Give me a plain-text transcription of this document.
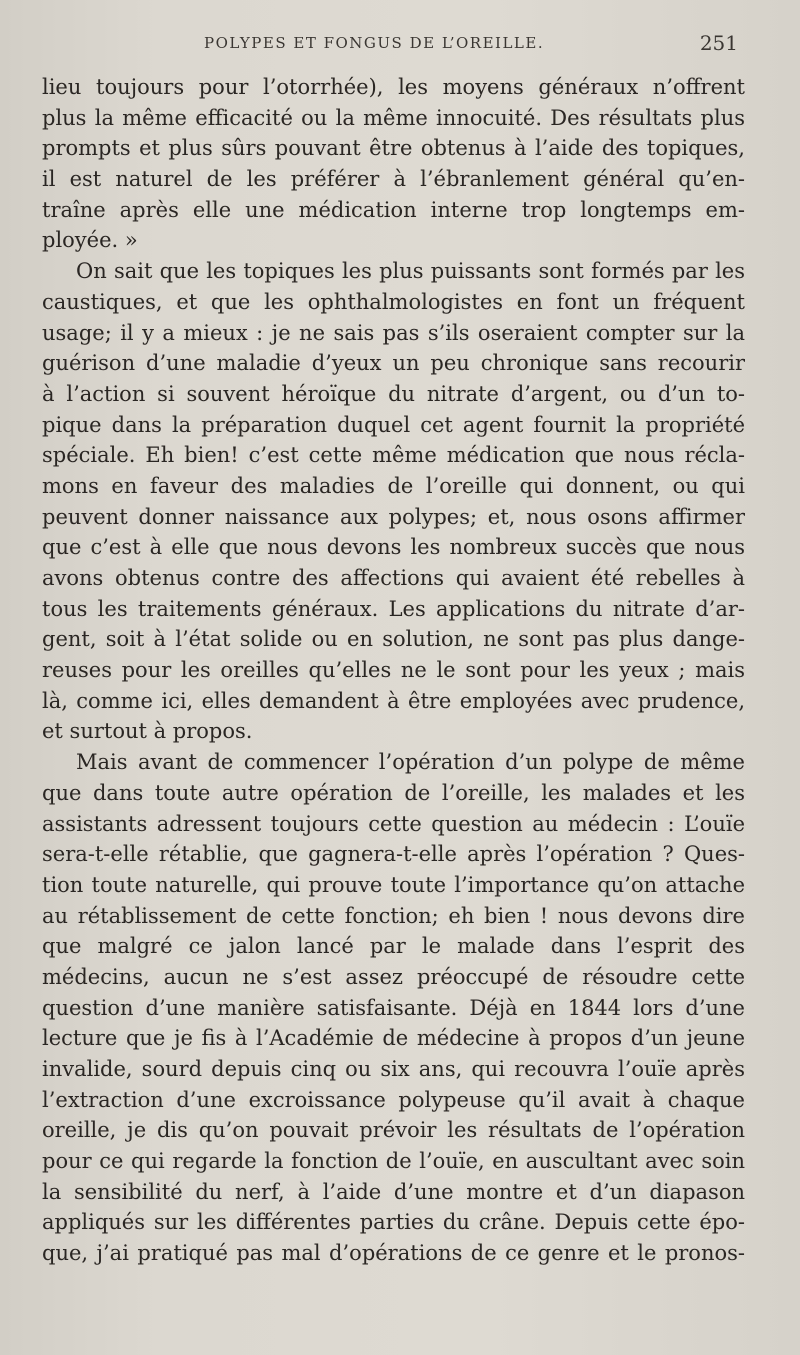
POLYPES ET FONGUS DE L’OREILLE.	251
lieu toujours pour l’otorrhée), les moyens généraux n’offrent
plus la même efficacité ou la même innocuité. Des résultats plus
prompts et plus sûrs pouvant être obtenus à l’aide des topiques,
il est naturel de les préférer à l’ébranlement général qu’en-
traîne après elle une médication interne trop longtemps em-
ployée. »
On sait que les topiques les plus puissants sont formés par les
caustiques, et que les ophthalmologistes en font un fréquent
usage; il y a mieux : je ne sais pas s’ils oseraient compter sur la
guérison d’une maladie d’yeux un peu chronique sans recourir
à l’action si souvent héroïque du nitrate d’argent, ou d’un to-
pique dans la préparation duquel cet agent fournit la propriété
spéciale. Eh bien! c’est cette même médication que nous récla-
mons en faveur des maladies de l’oreille qui donnent, ou qui
peuvent donner naissance aux polypes; et, nous osons affirmer
que c’est à elle que nous devons les nombreux succès que nous
avons obtenus contre des affections qui avaient été rebelles à
tous les traitements généraux. Les applications du nitrate d’ar-
gent, soit à l’état solide ou en solution, ne sont pas plus dange-
reuses pour les oreilles qu’elles ne le sont pour les yeux ; mais
là, comme ici, elles demandent à être employées avec prudence,
et surtout à propos.
Mais avant de commencer l’opération d’un polype de même
que dans toute autre opération de l’oreille, les malades et les
assistants adressent toujours cette question au médecin : L’ouïe
sera-t-elle rétablie, que gagnera-t-elle après l’opération ? Ques-
tion toute naturelle, qui prouve toute l’importance qu’on attache
au rétablissement de cette fonction; eh bien ! nous devons dire
que malgré ce jalon lancé par le malade dans l’esprit des
médecins, aucun ne s’est assez préoccupé de résoudre cette
question d’une manière satisfaisante. Déjà en 1844 lors d’une
lecture que je fis à l’Académie de médecine à propos d’un jeune
invalide, sourd depuis cinq ou six ans, qui recouvra l’ouïe après
l’extraction d’une excroissance polypeuse qu’il avait à chaque
oreille, je dis qu’on pouvait prévoir les résultats de l’opération
pour ce qui regarde la fonction de l’ouïe, en auscultant avec soin
la sensibilité du nerf, à l’aide d’une montre et d’un diapason
appliqués sur les différentes parties du crâne. Depuis cette épo-
que, j’ai pratiqué pas mal d’opérations de ce genre et le pronos-
